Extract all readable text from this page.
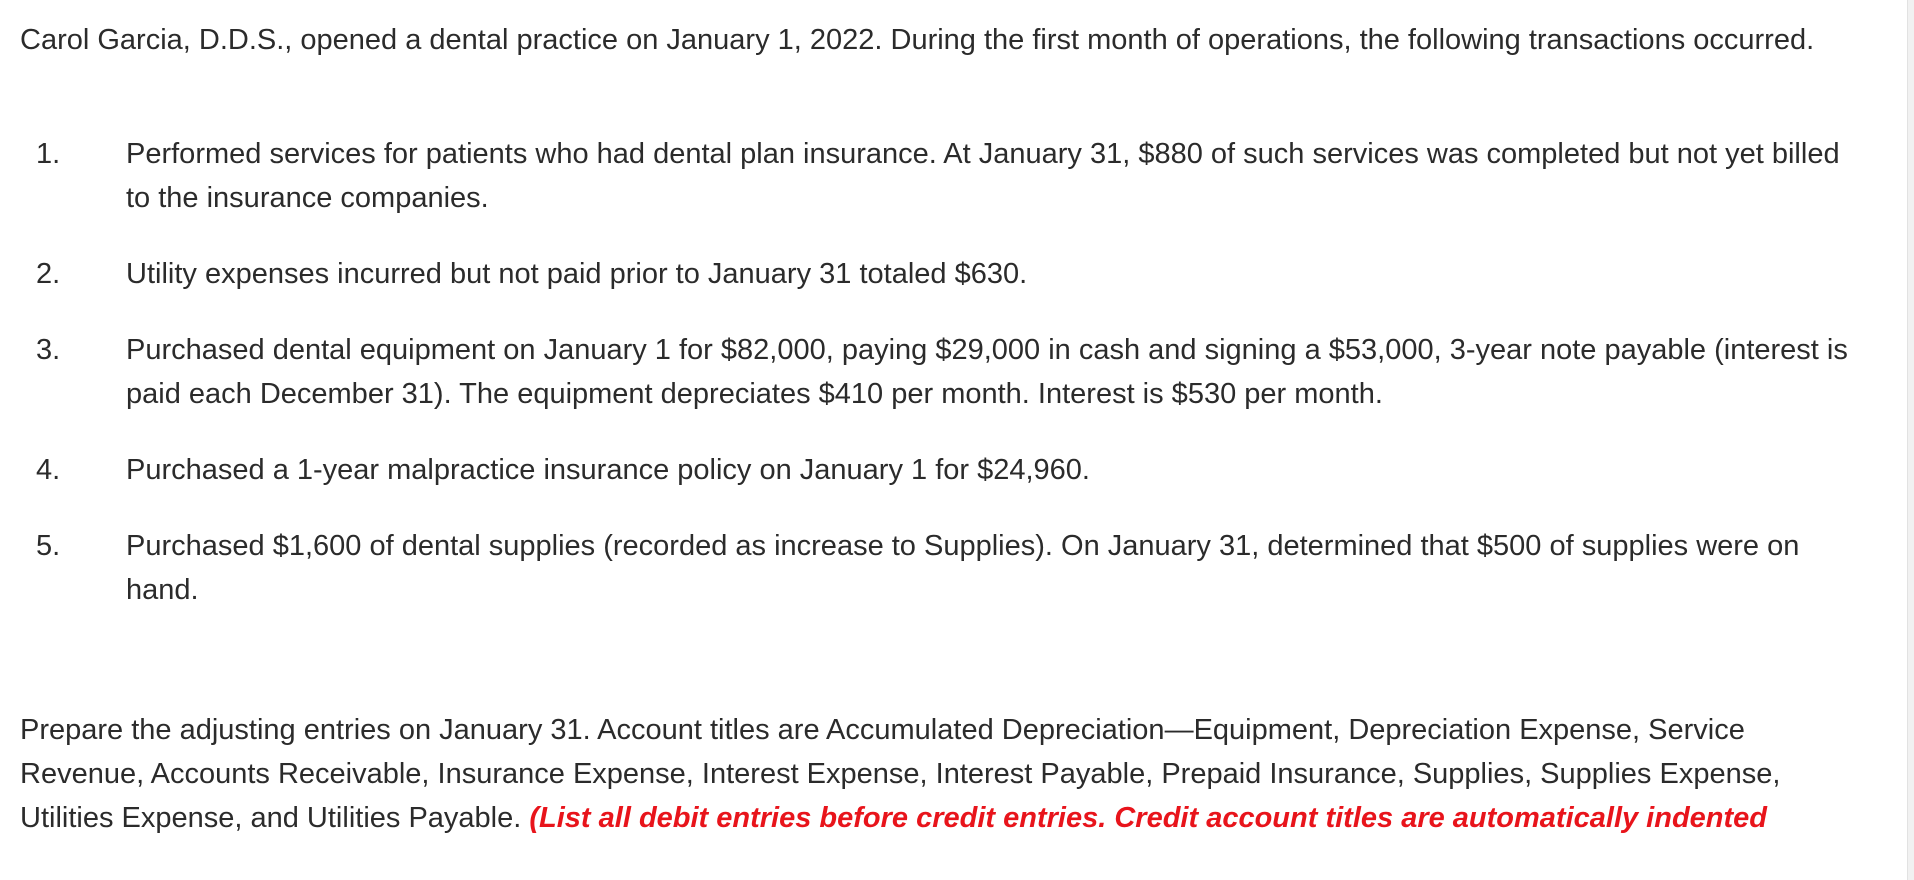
Carol Garcia, D.D.S., opened a dental practice on January 1, 2022. During the first month of operations, the following transactions occurred.

1.	Performed services for patients who had dental plan insurance. At January 31, $880 of such services was completed but not yet billed to the insurance companies.
2.	Utility expenses incurred but not paid prior to January 31 totaled $630.
3.	Purchased dental equipment on January 1 for $82,000, paying $29,000 in cash and signing a $53,000, 3-year note payable (interest is paid each December 31). The equipment depreciates $410 per month. Interest is $530 per month.
4.	Purchased a 1-year malpractice insurance policy on January 1 for $24,960.
5.	Purchased $1,600 of dental supplies (recorded as increase to Supplies). On January 31, determined that $500 of supplies were on hand.

Prepare the adjusting entries on January 31. Account titles are Accumulated Depreciation—Equipment, Depreciation Expense, Service Revenue, Accounts Receivable, Insurance Expense, Interest Expense, Interest Payable, Prepaid Insurance, Supplies, Supplies Expense, Utilities Expense, and Utilities Payable. (List all debit entries before credit entries. Credit account titles are automatically indented
